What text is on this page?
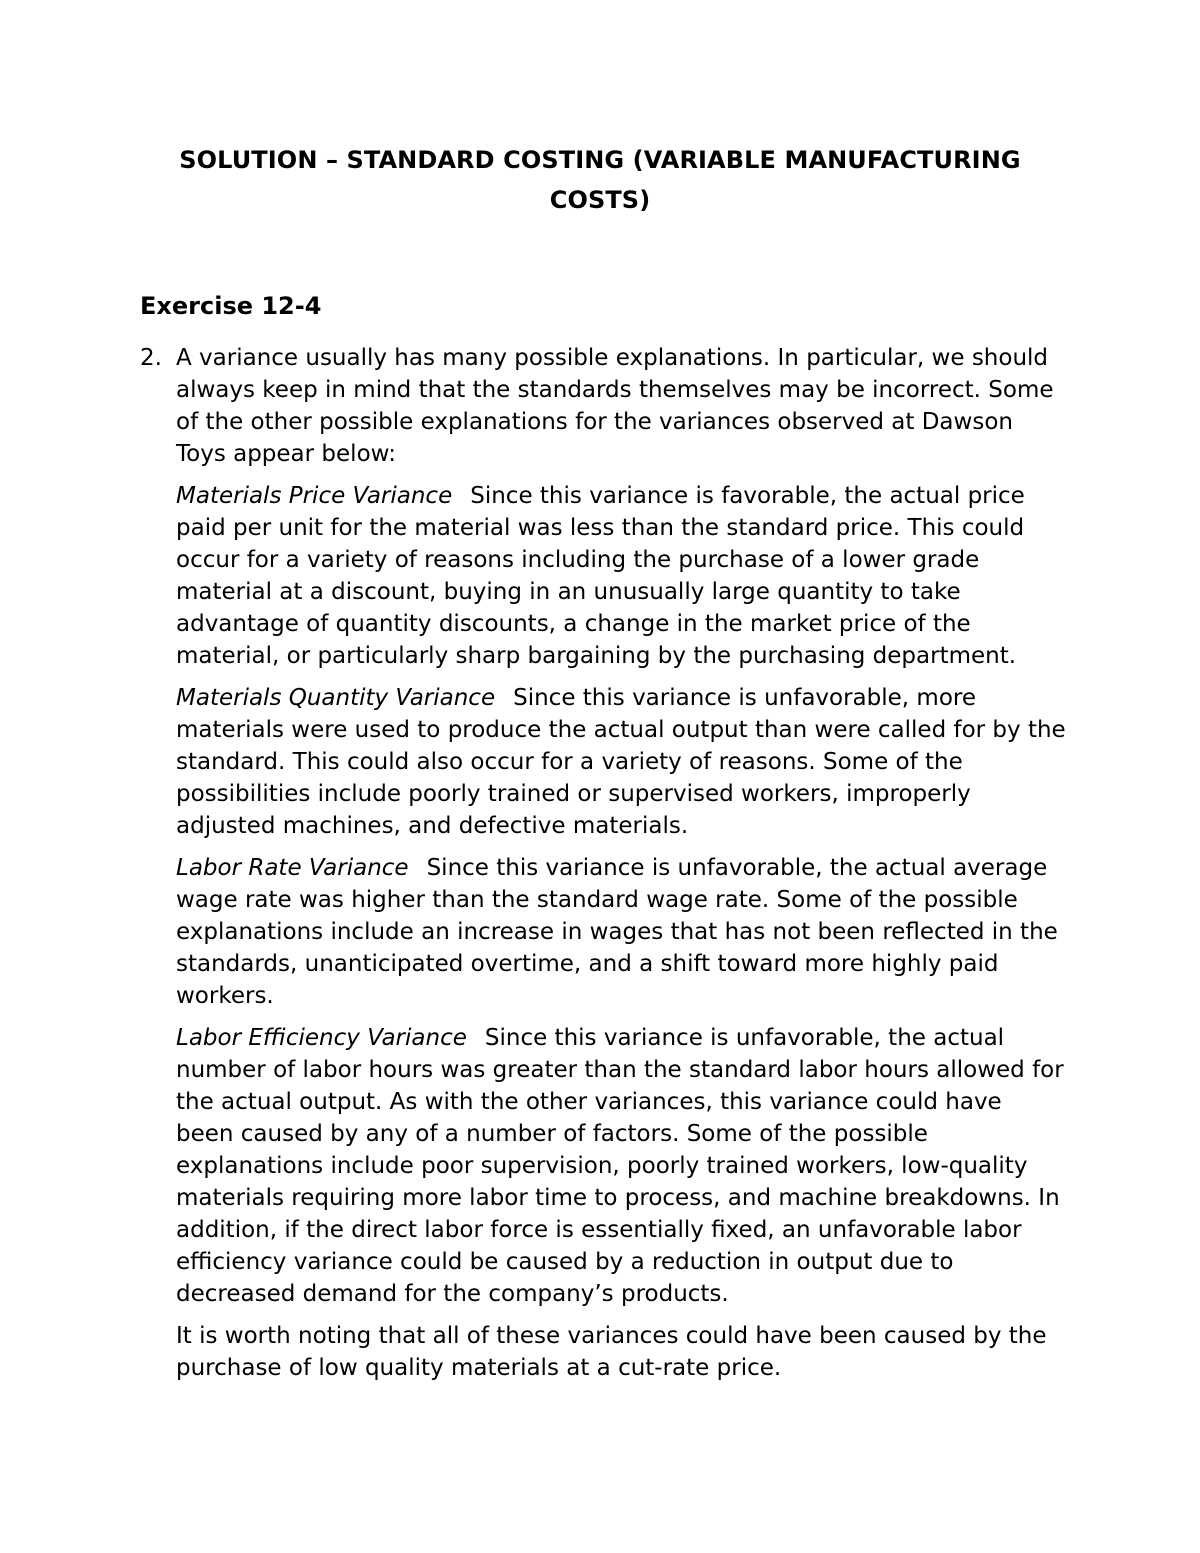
SOLUTION – STANDARD COSTING (VARIABLE MANUFACTURING COSTS)
Exercise 12-4
2. A variance usually has many possible explanations. In particular, we should always keep in mind that the standards themselves may be incorrect. Some of the other possible explanations for the variances observed at Dawson Toys appear below:

Materials Price Variance Since this variance is favorable, the actual price paid per unit for the material was less than the standard price. This could occur for a variety of reasons including the purchase of a lower grade material at a discount, buying in an unusually large quantity to take advantage of quantity discounts, a change in the market price of the material, or particularly sharp bargaining by the purchasing department.

Materials Quantity Variance Since this variance is unfavorable, more materials were used to produce the actual output than were called for by the standard. This could also occur for a variety of reasons. Some of the possibilities include poorly trained or supervised workers, improperly adjusted machines, and defective materials.

Labor Rate Variance Since this variance is unfavorable, the actual average wage rate was higher than the standard wage rate. Some of the possible explanations include an increase in wages that has not been reflected in the standards, unanticipated overtime, and a shift toward more highly paid workers.

Labor Efficiency Variance Since this variance is unfavorable, the actual number of labor hours was greater than the standard labor hours allowed for the actual output. As with the other variances, this variance could have been caused by any of a number of factors. Some of the possible explanations include poor supervision, poorly trained workers, low-quality materials requiring more labor time to process, and machine breakdowns. In addition, if the direct labor force is essentially fixed, an unfavorable labor efficiency variance could be caused by a reduction in output due to decreased demand for the company’s products.

It is worth noting that all of these variances could have been caused by the purchase of low quality materials at a cut-rate price.
